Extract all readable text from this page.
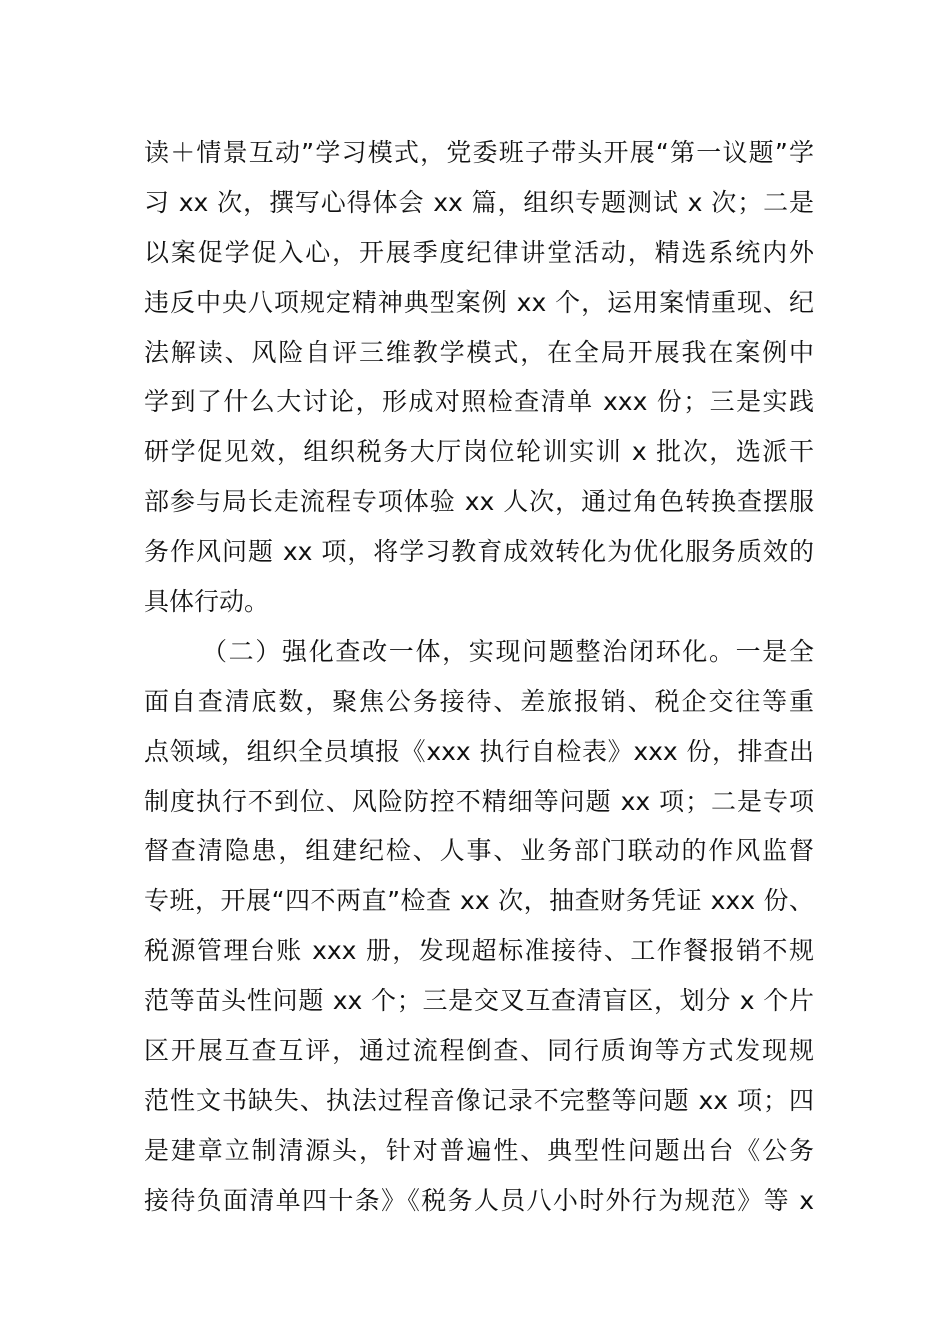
读＋情景互动”学习模式，党委班子带头开展“第一议题”学
习 xx 次，撰写心得体会 xx 篇，组织专题测试 x 次；二是
以案促学促入心，开展季度纪律讲堂活动，精选系统内外
违反中央八项规定精神典型案例 xx 个，运用案情重现、纪
法解读、风险自评三维教学模式，在全局开展我在案例中
学到了什么大讨论，形成对照检查清单 xxx 份；三是实践
研学促见效，组织税务大厅岗位轮训实训 x 批次，选派干
部参与局长走流程专项体验 xx 人次，通过角色转换查摆服
务作风问题 xx 项，将学习教育成效转化为优化服务质效的
具体行动。
（二）强化查改一体，实现问题整治闭环化。一是全
面自查清底数，聚焦公务接待、差旅报销、税企交往等重
点领域，组织全员填报《xxx 执行自检表》xxx 份，排查出
制度执行不到位、风险防控不精细等问题 xx 项；二是专项
督查清隐患，组建纪检、人事、业务部门联动的作风监督
专班，开展“四不两直”检查 xx 次，抽查财务凭证 xxx 份、
税源管理台账 xxx 册，发现超标准接待、工作餐报销不规
范等苗头性问题 xx 个；三是交叉互查清盲区，划分 x 个片
区开展互查互评，通过流程倒查、同行质询等方式发现规
范性文书缺失、执法过程音像记录不完整等问题 xx 项；四
是建章立制清源头，针对普遍性、典型性问题出台《公务
接待负面清单四十条》《税务人员八小时外行为规范》等 x
